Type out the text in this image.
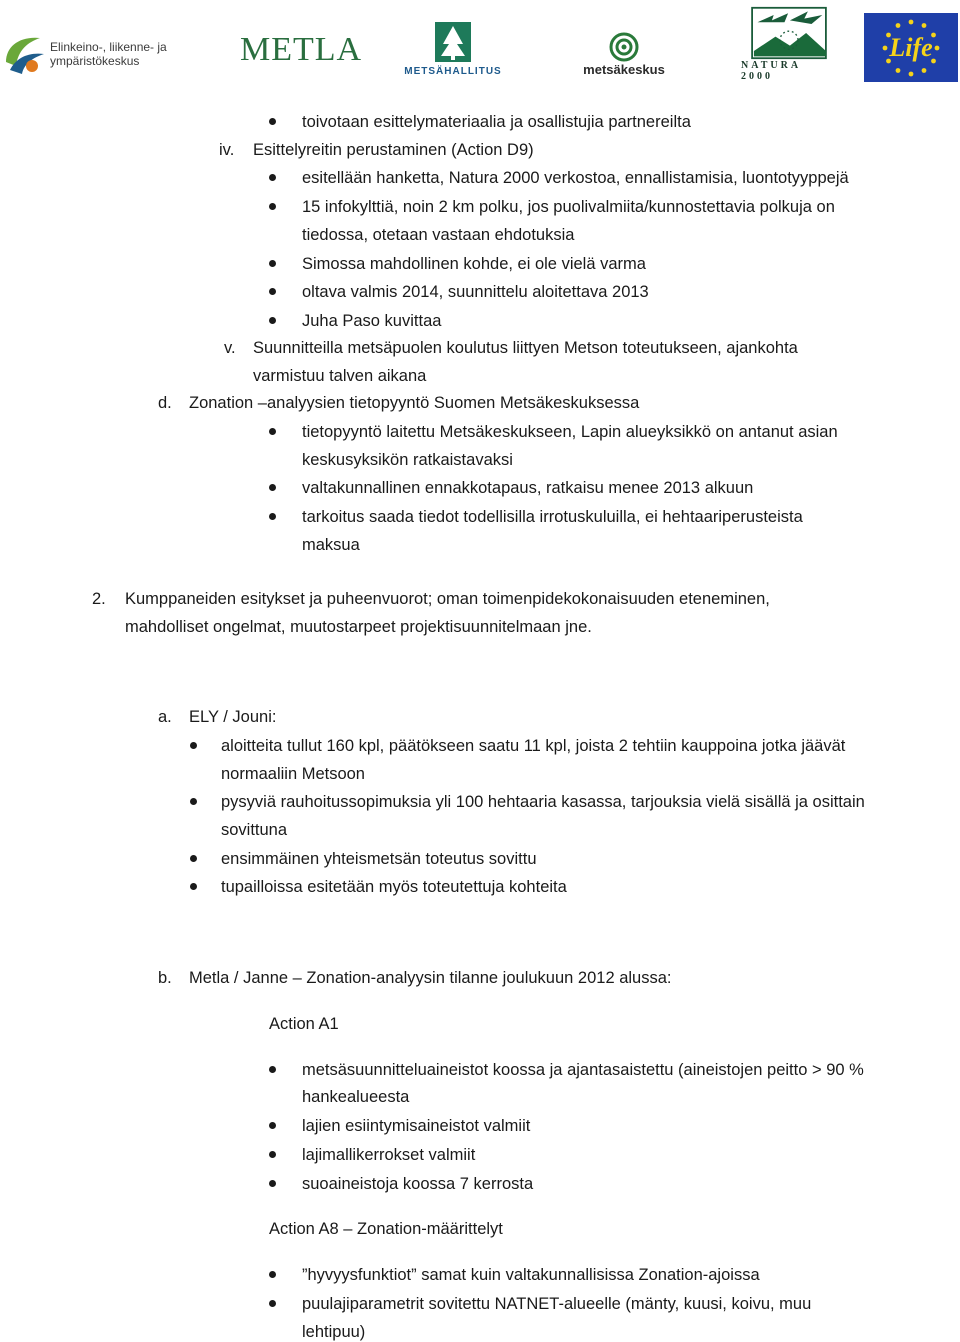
Elinkeino-, liikenne- ja
ympäristökeskus	METLA
METSÄHALLITUS	metsäkeskus	NATURA 2000
Life
toivotaan esittelymateriaalia ja osallistujia partnereilta
iv. Esittelyreitin perustaminen (Action D9)
esitellään hanketta, Natura 2000 verkostoa, ennallistamisia, luontotyyppejä
15 infokylttiä, noin 2 km polku, jos puolivalmiita/kunnostettavia polkuja on
tiedossa, otetaan vastaan ehdotuksia
Simossa mahdollinen kohde, ei ole vielä varma
oltava valmis 2014, suunnittelu aloitettava 2013
Juha Paso kuvittaa
v. Suunnitteilla metsäpuolen koulutus liittyen Metson toteutukseen, ajankohta
varmistuu talven aikana
d. Zonation –analyysien tietopyyntö Suomen Metsäkeskuksessa
tietopyyntö laitettu Metsäkeskukseen, Lapin alueyksikkö on antanut asian
keskusyksikön ratkaistavaksi
valtakunnallinen ennakkotapaus, ratkaisu menee 2013 alkuun
tarkoitus saada tiedot todellisilla irrotuskuluilla, ei hehtaariperusteista
maksua
2. Kumppaneiden esitykset ja puheenvuorot; oman toimenpidekokonaisuuden eteneminen,
mahdolliset ongelmat, muutostarpeet projektisuunnitelmaan jne.
a. ELY / Jouni:
aloitteita tullut 160 kpl, päätökseen saatu 11 kpl, joista 2 tehtiin kauppoina jotka jäävät
normaaliin Metsoon
pysyviä rauhoitussopimuksia yli 100 hehtaaria kasassa, tarjouksia vielä sisällä ja osittain
sovittuna
ensimmäinen yhteismetsän toteutus sovittu
tupailloissa esitetään myös toteutettuja kohteita
b. Metla / Janne – Zonation-analyysin tilanne joulukuun 2012 alussa:
Action A1
metsäsuunnitteluaineistot koossa ja ajantasaistettu (aineistojen peitto > 90 %
hankealueesta
lajien esiintymisaineistot valmiit
lajimallikerrokset valmiit
suoaineistoja koossa 7 kerrosta
Action A8 – Zonation-määrittelyt
”hyvyysfunktiot” samat kuin valtakunnallisissa Zonation-ajoissa
puulajiparametrit sovitettu NATNET-alueelle (mänty, kuusi, koivu, muu
lehtipuu)
